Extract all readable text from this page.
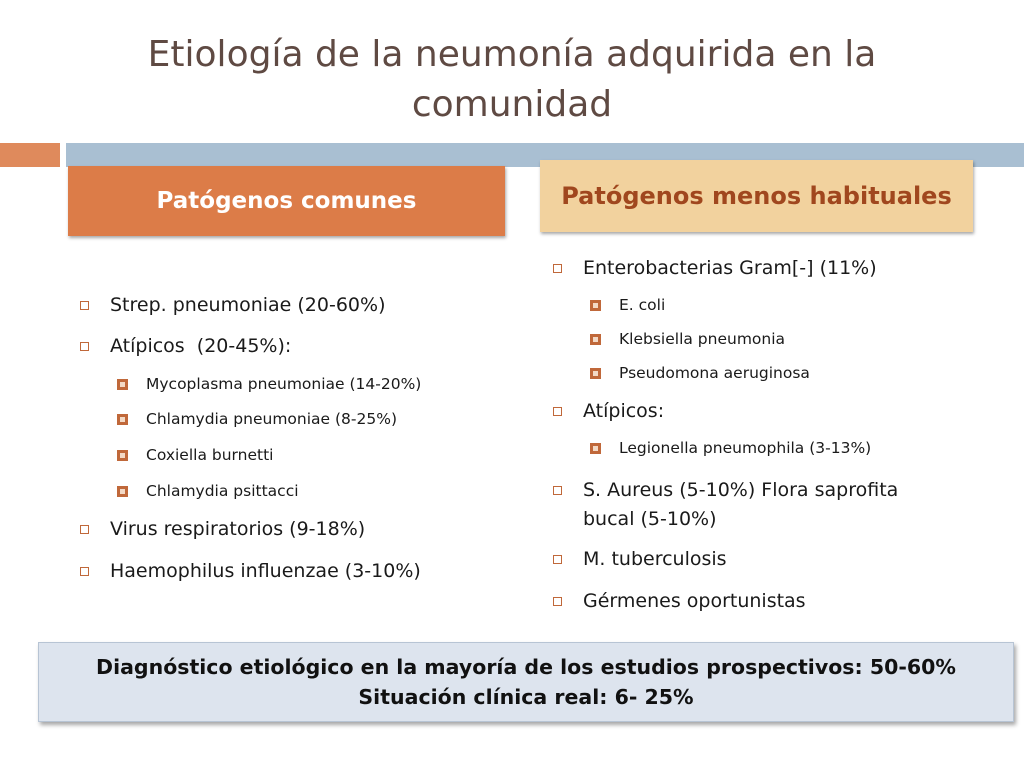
Etiología de la neumonía adquirida en la comunidad
Patógenos comunes	Patógenos menos habituales
Strep. pneumoniae (20-60%)
Atípicos  (20-45%):
Mycoplasma pneumoniae (14-20%)
Chlamydia pneumoniae (8-25%)
Coxiella burnetti
Chlamydia psittacci
Virus respiratorios (9-18%)
Haemophilus influenzae (3-10%)
Enterobacterias Gram[-] (11%)
E. coli
Klebsiella pneumonia
Pseudomona aeruginosa
Atípicos:
Legionella pneumophila (3-13%)
S. Aureus (5-10%) Flora saprofita bucal (5-10%)
M. tuberculosis
Gérmenes oportunistas
Diagnóstico etiológico en la mayoría de los estudios prospectivos: 50-60%
Situación clínica real: 6- 25%
